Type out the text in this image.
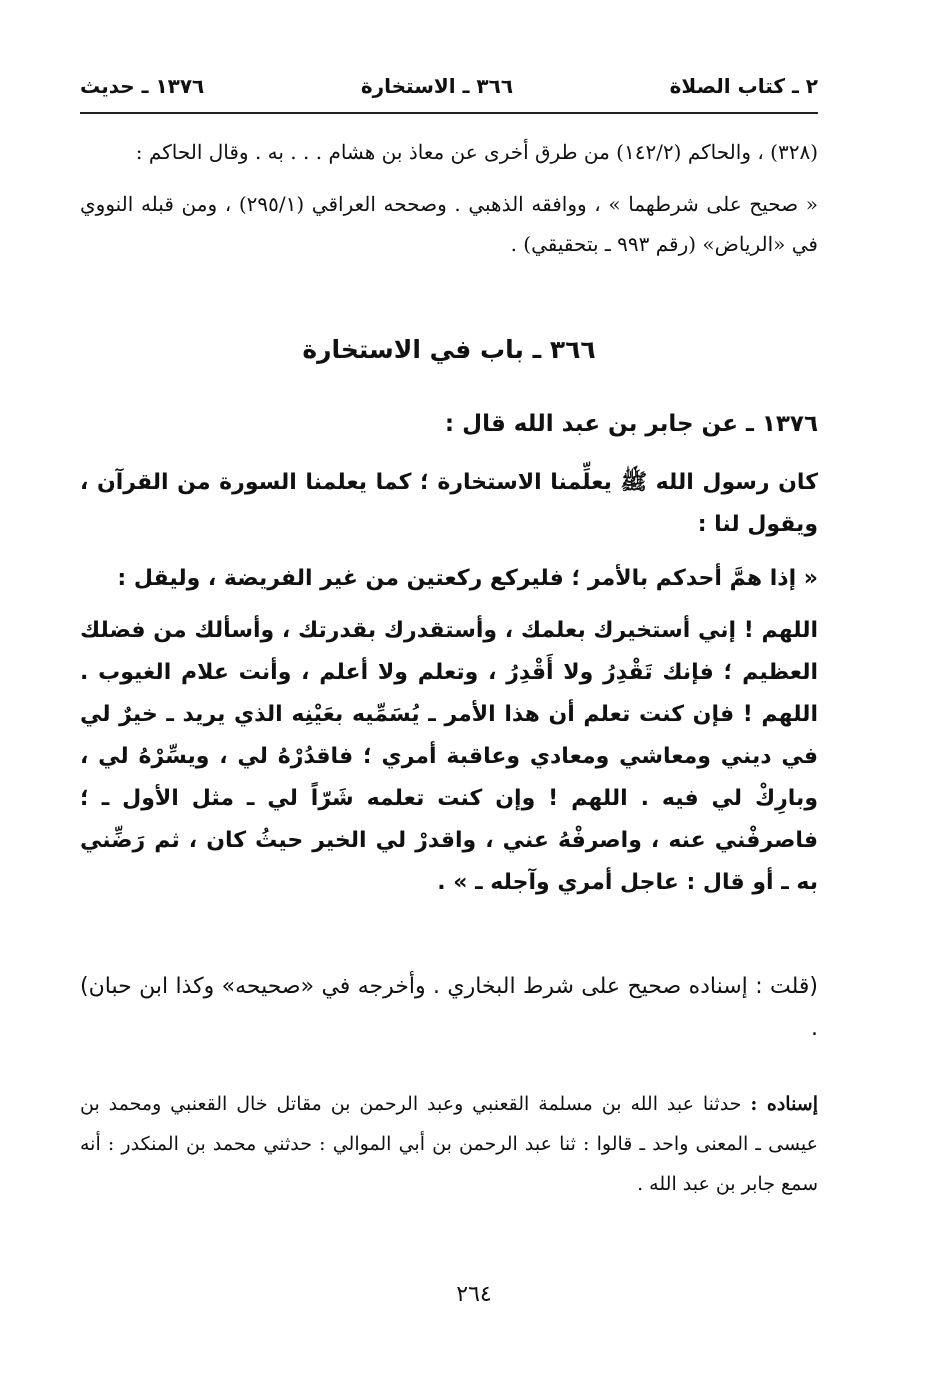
٢ ـ كتاب الصلاة
٣٦٦ ـ الاستخارة
١٣٧٦ ـ حديث

(٣٢٨) ، والحاكم (١٤٢/٢) من طرق أخرى عن معاذ بن هشام . . . به . وقال الحاكم :

« صحيح على شرطهما » ، ووافقه الذهبي . وصححه العراقي (٢٩٥/١) ، ومن قبله النووي في «الرياض» (رقم ٩٩٣ ـ بتحقيقي) .

٣٦٦ ـ باب في الاستخارة
١٣٧٦ ـ عن جابر بن عبد الله قال :

كان رسول الله ﷺ يعلِّمنا الاستخارة ؛ كما يعلمنا السورة من القرآن ، ويقول لنا :

« إذا همَّ أحدكم بالأمر ؛ فليركع ركعتين من غير الفريضة ، وليقل :

اللهم ! إني أستخيرك بعلمك ، وأستقدرك بقدرتك ، وأسألك من فضلك العظيم ؛ فإنك تَقْدِرُ ولا أَقْدِرُ ، وتعلم ولا أعلم ، وأنت علام الغيوب . اللهم ! فإن كنت تعلم أن هذا الأمر ـ يُسَمِّيه بعَيْنِه الذي يريد ـ خيرٌ لي في ديني ومعاشي ومعادي وعاقبة أمري ؛ فاقدُرْهُ لي ، ويسِّرْهُ لي ، وبارِكْ لي فيه . اللهم ! وإن كنت تعلمه شَرّاً لي ـ مثل الأول ـ ؛ فاصرفْني عنه ، واصرفْهُ عني ، واقدرْ لي الخير حيثُ كان ، ثم رَضِّني به ـ أو قال : عاجل أمري وآجله ـ » .

(قلت : إسناده صحيح على شرط البخاري . وأخرجه في «صحيحه» وكذا ابن حبان) .

إسناده : حدثنا عبد الله بن مسلمة القعنبي وعبد الرحمن بن مقاتل خال القعنبي ومحمد بن عيسى ـ المعنى واحد ـ قالوا : ثنا عبد الرحمن بن أبي الموالي : حدثني محمد بن المنكدر : أنه سمع جابر بن عبد الله .

٢٦٤
